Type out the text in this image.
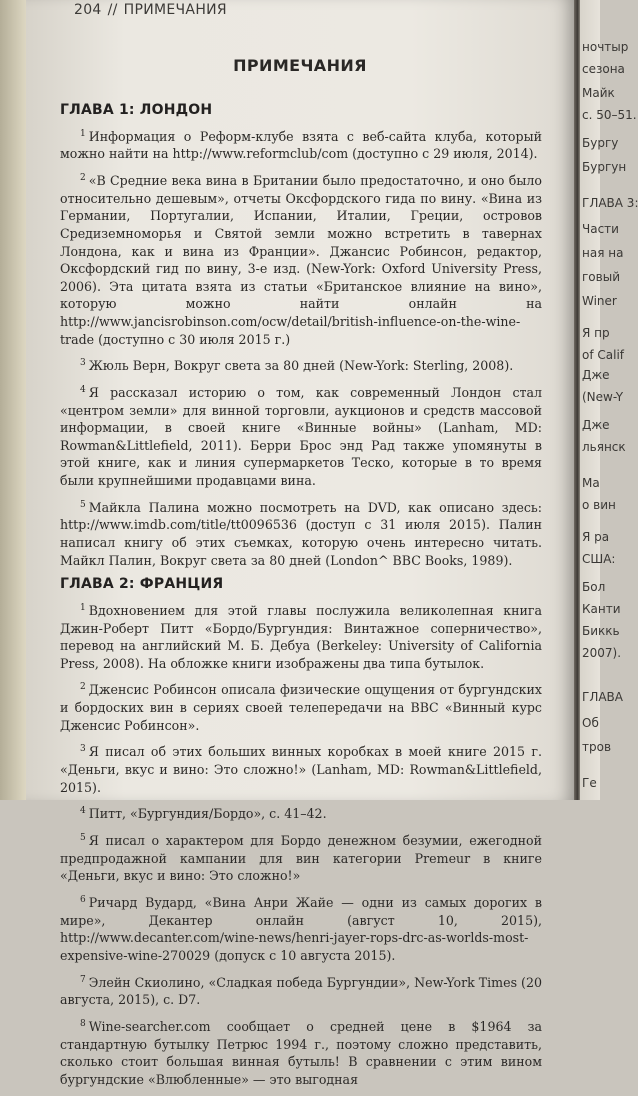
204 // ПРИМЕЧАНИЯ
ПРИМЕЧАНИЯ
ГЛАВА 1: ЛОНДОН

$^1$ Информация о Реформ-клубе взята с веб-сайта клуба, который можно найти на http://www.reformclub/com (доступно с 29 июля, 2014).

$^2$ «В Средние века вина в Британии было предостаточно, и оно было относительно дешевым», отчеты Оксфордского гида по вину. «Вина из Германии, Португалии, Испании, Италии, Греции, островов Средиземноморья и Святой земли можно встретить в тавернах Лондона, как и вина из Франции». Джансис Робинсон, редактор, Оксфордский гид по вину, 3-е изд. (New-York: Oxford University Press, 2006). Эта цитата взята из статьи «Британское влияние на вино», которую можно найти онлайн на http://www.jancisrobinson.com/ocw/detail/british-influence-on-the-wine-trade (доступно с 30 июля 2015 г.)

$^3$ Жюль Верн, Вокруг света за 80 дней (New-York: Sterling, 2008).

$^4$ Я рассказал историю о том, как современный Лондон стал «центром земли» для винной торговли, аукционов и средств массовой информации, в своей книге «Винные войны» (Lanham, MD: Rowman&Littlefield, 2011). Берри Брос энд Рад также упомянуты в этой книге, как и линия супермаркетов Теско, которые в то время были крупнейшими продавцами вина.

$^5$ Майкла Палина можно посмотреть на DVD, как описано здесь: http://www.imdb.com/title/tt0096536 (доступ с 31 июля 2015). Палин написал книгу об этих съемках, которую очень интересно читать. Майкл Палин, Вокруг света за 80 дней (London^ BBC Books, 1989).

ГЛАВА 2: ФРАНЦИЯ

$^1$ Вдохновением для этой главы послужила великолепная книга Джин-Роберт Питт «Бордо/Бургундия: Винтажное соперничество», перевод на английский М. Б. Дебуа (Berkeley: University of California Press, 2008). На обложке книги изображены два типа бутылок.

$^2$ Дженсис Робинсон описала физические ощущения от бургундских и бордоских вин в сериях своей телепередачи на ВВС «Винный курс Дженсис Робинсон».

$^3$ Я писал об этих больших винных коробках в моей книге 2015 г. «Деньги, вкус и вино: Это сложно!» (Lanham, MD: Rowman&Littlefield, 2015).

$^4$ Питт, «Бургундия/Бордо», с. 41–42.

$^5$ Я писал о характером для Бордо денежном безумии, ежегодной предпродажной кампании для вин категории Premeur в книге «Деньги, вкус и вино: Это сложно!»

$^6$ Ричард Вудард, «Вина Анри Жайе — одни из самых дорогих в мире», Декантер онлайн (август 10, 2015), http://www.decanter.com/wine-news/henri-jayer-rops-drc-as-worlds-most-expensive-wine-270029 (допуск с 10 августа 2015).

$^7$ Элейн Скиолино, «Сладкая победа Бургундии», New-York Times (20 августа, 2015), с. D7.

$^8$ Wine-searcher.com сообщает о средней цене в $1964 за стандартную бутылку Петрюс 1994 г., поэтому сложно представить, сколько стоит большая винная бутыль! В сравнении с этим вином бургундские «Влюбленные» — это выгодная

ночтыр
сезона
Майк
с. 50–51.
Бургу
Бургун
ГЛАВА 3:
Части
ная на
говый
Winer
Я пр
of Calif
Дже
(New-Y
Дже
льянск
Ма
о вин
Я ра
США:
Бол
Канти
Биккь
2007).
ГЛАВА
Об
тров
Ге
